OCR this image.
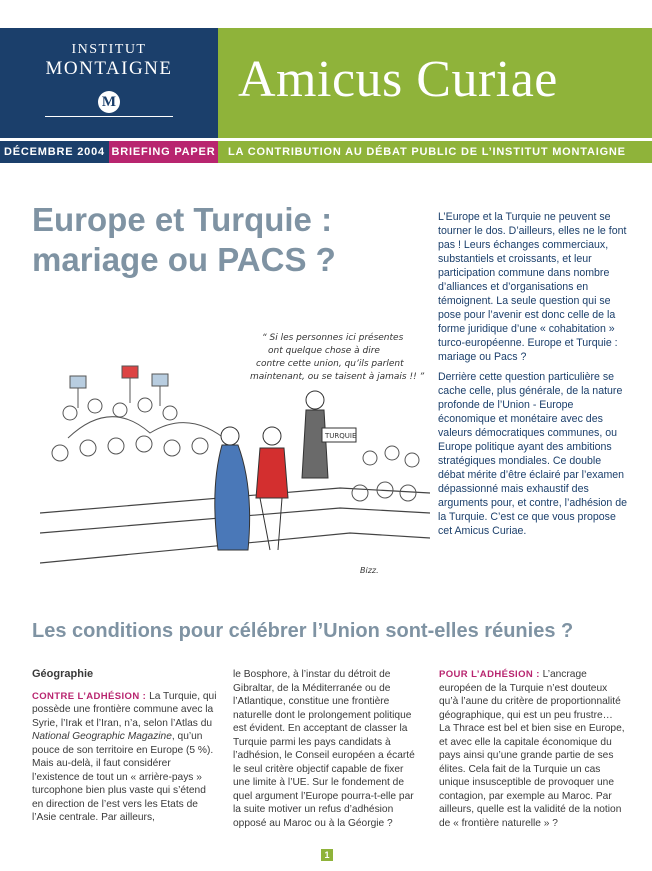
INSTITUT
MONTAIGNE
M Amicus Curiae
DÉCEMBRE 2004 BRIEFING PAPER LA CONTRIBUTION AU DÉBAT PUBLIC DE L’INSTITUT MONTAIGNE
Europe et Turquie :
mariage ou PACS ?

L’Europe et la Turquie ne peuvent se tourner le dos. D’ailleurs, elles ne le font pas ! Leurs échanges commerciaux, substantiels et croissants, et leur participation commune dans nombre d’alliances et d’organisations en témoignent. La seule question qui se pose pour l’avenir est donc celle de la forme juridique d’une « cohabitation » turco-européenne. Europe et Turquie : mariage ou Pacs ?

Derrière cette question particulière se cache celle, plus générale, de la nature profonde de l’Union - Europe économique et monétaire avec des valeurs démocratiques communes, ou Europe politique ayant des ambitions stratégiques mondiales. Ce double débat mérite d’être éclairé par l’examen dépassionné mais exhaustif des arguments pour, et contre, l’adhésion de la Turquie. C’est ce que vous propose cet Amicus Curiae.

“ Si les personnes ici présentes
ont quelque chose à dire
contre cette union, qu’ils parlent
maintenant, ou se taisent à jamais !! ”
TURQUIE
Bizz.
Les conditions pour célébrer l’Union sont-elles réunies ?
Géographie

CONTRE L’ADHÉSION : La Turquie, qui possède une frontière commune avec la Syrie, l’Irak et l’Iran, n’a, selon l’Atlas du National Geographic Magazine, qu’un pouce de son territoire en Europe (5 %). Mais au-delà, il faut considérer l’existence de tout un « arrière-pays » turcophone bien plus vaste qui s’étend en direction de l’est vers les Etats de l’Asie centrale. Par ailleurs,

le Bosphore, à l’instar du détroit de Gibraltar, de la Méditerranée ou de l’Atlantique, constitue une frontière naturelle dont le prolongement politique est évident. En acceptant de classer la Turquie parmi les pays candidats à l’adhésion, le Conseil européen a écarté le seul critère objectif capable de fixer une limite à l’UE. Sur le fondement de quel argument l’Europe pourra-t-elle par la suite motiver un refus d’adhésion opposé au Maroc ou à la Géorgie ?

POUR L’ADHÉSION : L’ancrage européen de la Turquie n’est douteux qu’à l’aune du critère de proportionnalité géographique, qui est un peu frustre… La Thrace est bel et bien sise en Europe, et avec elle la capitale économique du pays ainsi qu’une grande partie de ses élites. Cela fait de la Turquie un cas unique insusceptible de provoquer une contagion, par exemple au Maroc. Par ailleurs, quelle est la validité de la notion de « frontière naturelle » ?

1
